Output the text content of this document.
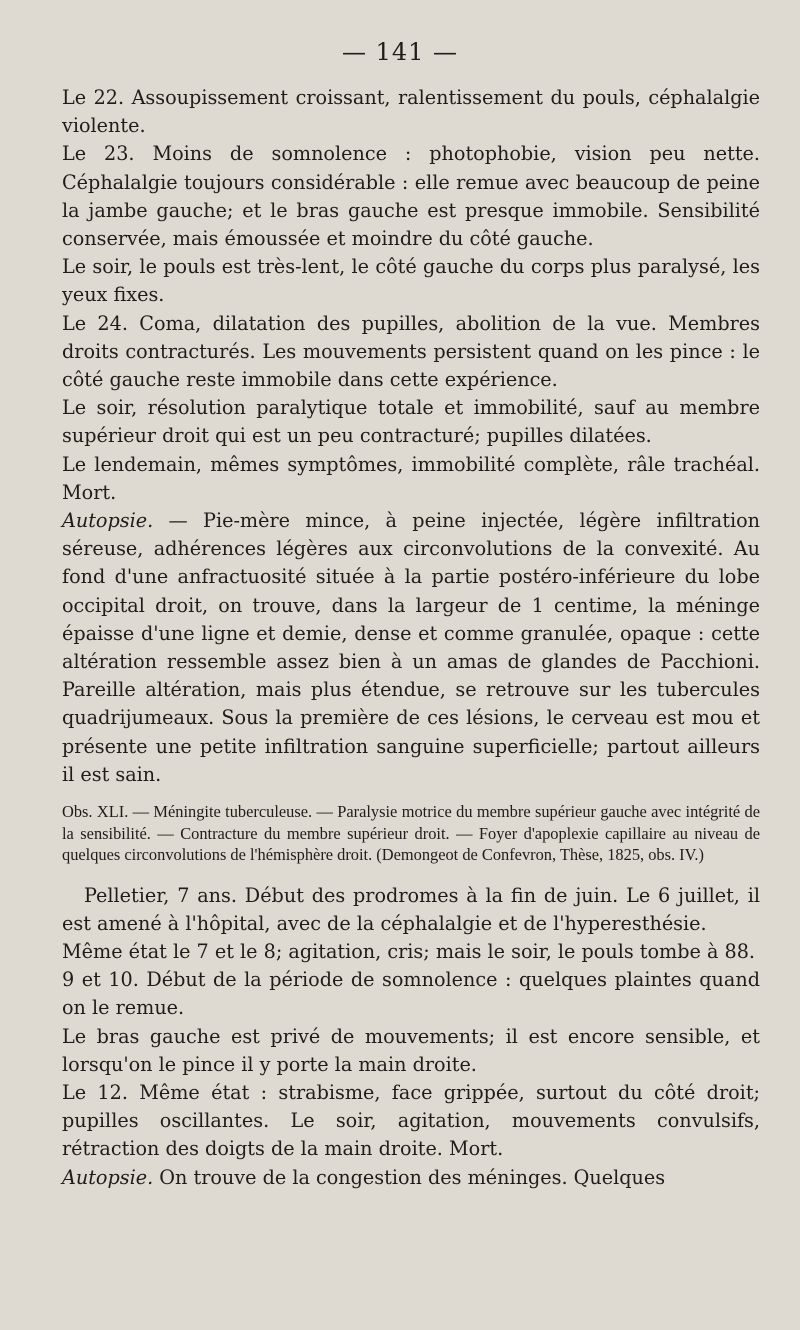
— 141 —

Le 22. Assoupissement croissant, ralentissement du pouls, céphalalgie violente.

Le 23. Moins de somnolence : photophobie, vision peu nette. Céphalalgie toujours considérable : elle remue avec beaucoup de peine la jambe gauche; et le bras gauche est presque immobile. Sensibilité conservée, mais émoussée et moindre du côté gauche.

Le soir, le pouls est très-lent, le côté gauche du corps plus paralysé, les yeux fixes.

Le 24. Coma, dilatation des pupilles, abolition de la vue. Membres droits contracturés. Les mouvements persistent quand on les pince : le côté gauche reste immobile dans cette expérience.

Le soir, résolution paralytique totale et immobilité, sauf au membre supérieur droit qui est un peu contracturé; pupilles dilatées.

Le lendemain, mêmes symptômes, immobilité complète, râle trachéal. Mort.

Autopsie. — Pie-mère mince, à peine injectée, légère infiltration séreuse, adhérences légères aux circonvolutions de la convexité. Au fond d'une anfractuosité située à la partie postéro-inférieure du lobe occipital droit, on trouve, dans la largeur de 1 centime, la méninge épaisse d'une ligne et demie, dense et comme granulée, opaque : cette altération ressemble assez bien à un amas de glandes de Pacchioni. Pareille altération, mais plus étendue, se retrouve sur les tubercules quadrijumeaux. Sous la première de ces lésions, le cerveau est mou et présente une petite infiltration sanguine superficielle; partout ailleurs il est sain.

Obs. XLI. — Méningite tuberculeuse. — Paralysie motrice du membre supérieur gauche avec intégrité de la sensibilité. — Contracture du membre supérieur droit. — Foyer d'apoplexie capillaire au niveau de quelques circonvolutions de l'hémisphère droit. (Demongeot de Confevron, Thèse, 1825, obs. IV.)

Pelletier, 7 ans. Début des prodromes à la fin de juin. Le 6 juillet, il est amené à l'hôpital, avec de la céphalalgie et de l'hyperesthésie.

Même état le 7 et le 8; agitation, cris; mais le soir, le pouls tombe à 88.

9 et 10. Début de la période de somnolence : quelques plaintes quand on le remue.

Le bras gauche est privé de mouvements; il est encore sensible, et lorsqu'on le pince il y porte la main droite.

Le 12. Même état : strabisme, face grippée, surtout du côté droit; pupilles oscillantes. Le soir, agitation, mouvements convulsifs, rétraction des doigts de la main droite. Mort.

Autopsie. On trouve de la congestion des méninges. Quelques
